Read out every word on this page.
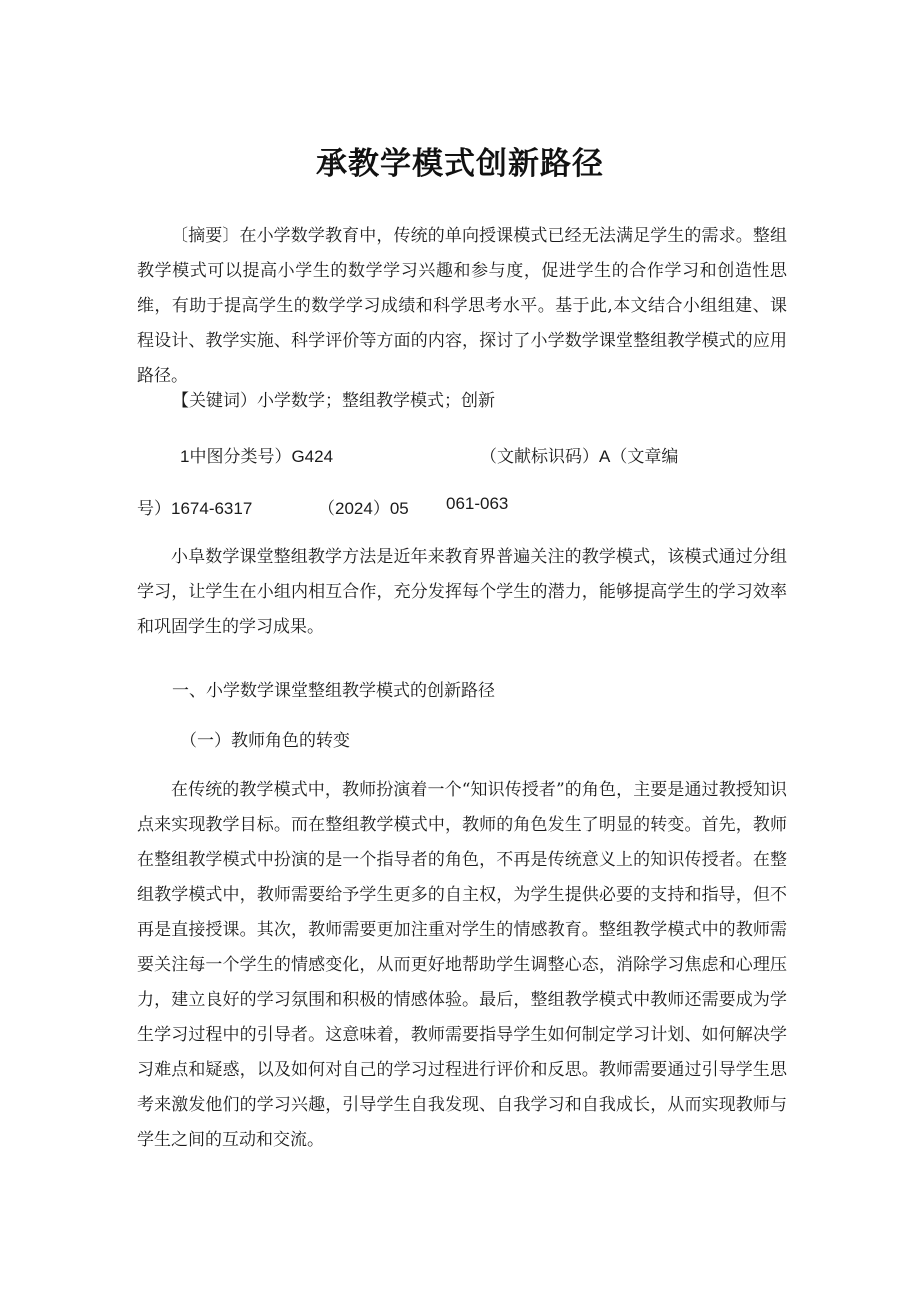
承教学模式创新路径

〔摘要〕在小学数学教育中，传统的单向授课模式已经无法满足学生的需求。整组教学模式可以提高小学生的数学学习兴趣和参与度，促进学生的合作学习和创造性思维，有助于提高学生的数学学习成绩和科学思考水平。基于此,本文结合小组组建、课程设计、教学实施、科学评价等方面的内容，探讨了小学数学课堂整组教学模式的应用路径。

【关键词）小学数学；整组教学模式；创新
1中图分类号）G424	（文献标识码）A（文章编
号）1674-6317	（2024）05 061-063

小阜数学课堂整组教学方法是近年来教育界普遍关注的教学模式，该模式通过分组学习，让学生在小组内相互合作，充分发挥每个学生的潜力，能够提高学生的学习效率和巩固学生的学习成果。

一、小学数学课堂整组教学模式的创新路径
（一）教师角色的转变

在传统的教学模式中，教师扮演着一个“知识传授者”的角色，主要是通过教授知识点来实现教学目标。而在整组教学模式中，教师的角色发生了明显的转变。首先，教师在整组教学模式中扮演的是一个指导者的角色，不再是传统意义上的知识传授者。在整组教学模式中，教师需要给予学生更多的自主权，为学生提供必要的支持和指导，但不再是直接授课。其次，教师需要更加注重对学生的情感教育。整组教学模式中的教师需要关注每一个学生的情感变化，从而更好地帮助学生调整心态，消除学习焦虑和心理压力，建立良好的学习氛围和积极的情感体验。最后，整组教学模式中教师还需要成为学生学习过程中的引导者。这意味着，教师需要指导学生如何制定学习计划、如何解决学习难点和疑惑，以及如何对自己的学习过程进行评价和反思。教师需要通过引导学生思考来激发他们的学习兴趣，引导学生自我发现、自我学习和自我成长，从而实现教师与学生之间的互动和交流。
